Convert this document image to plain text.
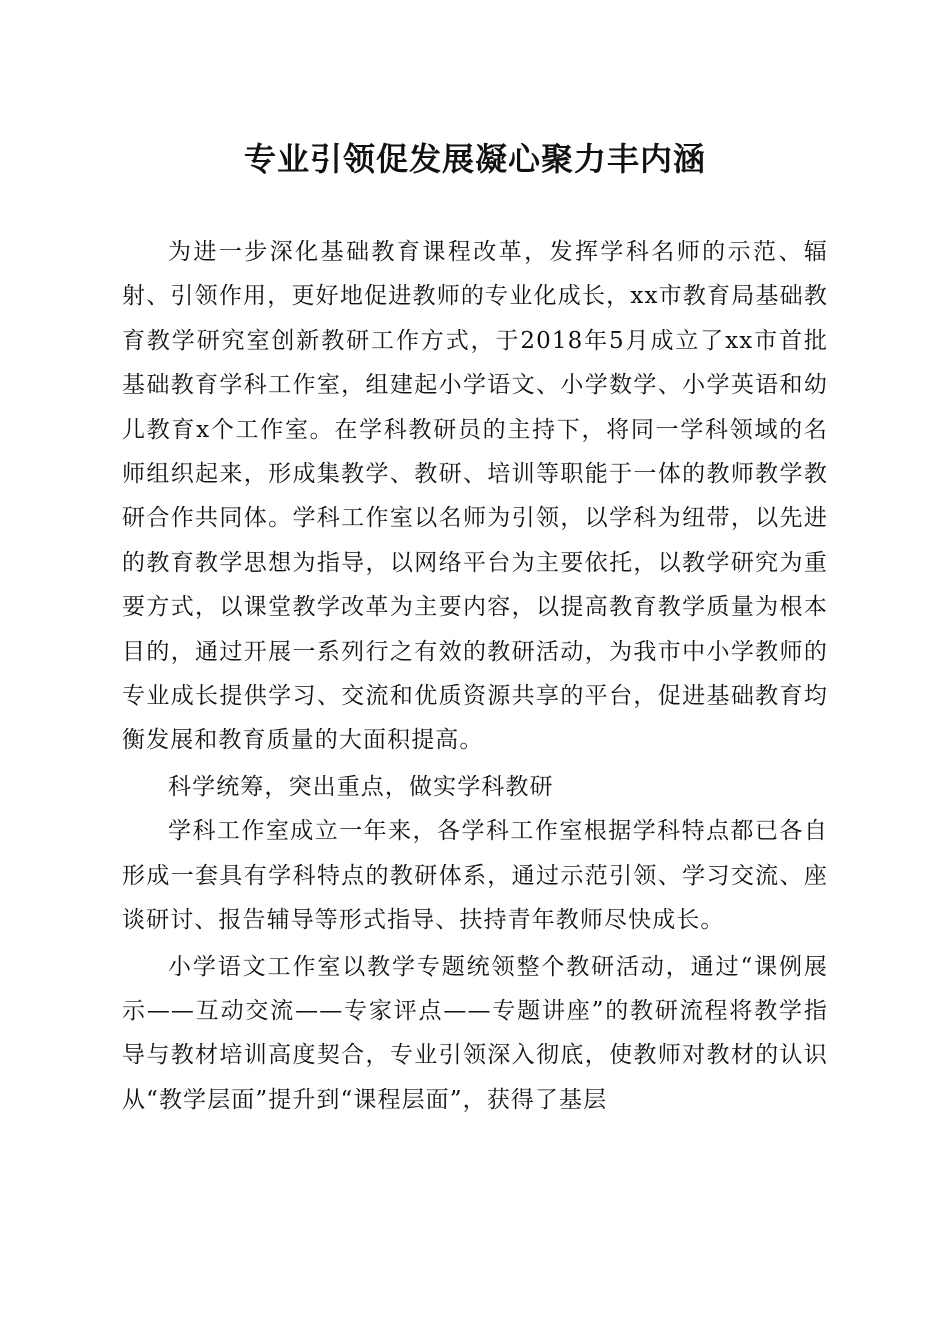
专业引领促发展凝心聚力丰内涵

为进一步深化基础教育课程改革，发挥学科名师的示范、辐射、引领作用，更好地促进教师的专业化成长，xx市教育局基础教育教学研究室创新教研工作方式，于2018年5月成立了xx市首批基础教育学科工作室，组建起小学语文、小学数学、小学英语和幼儿教育x个工作室。在学科教研员的主持下，将同一学科领域的名师组织起来，形成集教学、教研、培训等职能于一体的教师教学教研合作共同体。学科工作室以名师为引领，以学科为纽带，以先进的教育教学思想为指导，以网络平台为主要依托，以教学研究为重要方式，以课堂教学改革为主要内容，以提高教育教学质量为根本目的，通过开展一系列行之有效的教研活动，为我市中小学教师的专业成长提供学习、交流和优质资源共享的平台，促进基础教育均衡发展和教育质量的大面积提高。

科学统筹，突出重点，做实学科教研

学科工作室成立一年来，各学科工作室根据学科特点都已各自形成一套具有学科特点的教研体系，通过示范引领、学习交流、座谈研讨、报告辅导等形式指导、扶持青年教师尽快成长。

小学语文工作室以教学专题统领整个教研活动，通过“课例展示——互动交流——专家评点——专题讲座”的教研流程将教学指导与教材培训高度契合，专业引领深入彻底，使教师对教材的认识从“教学层面”提升到“课程层面”，获得了基层
